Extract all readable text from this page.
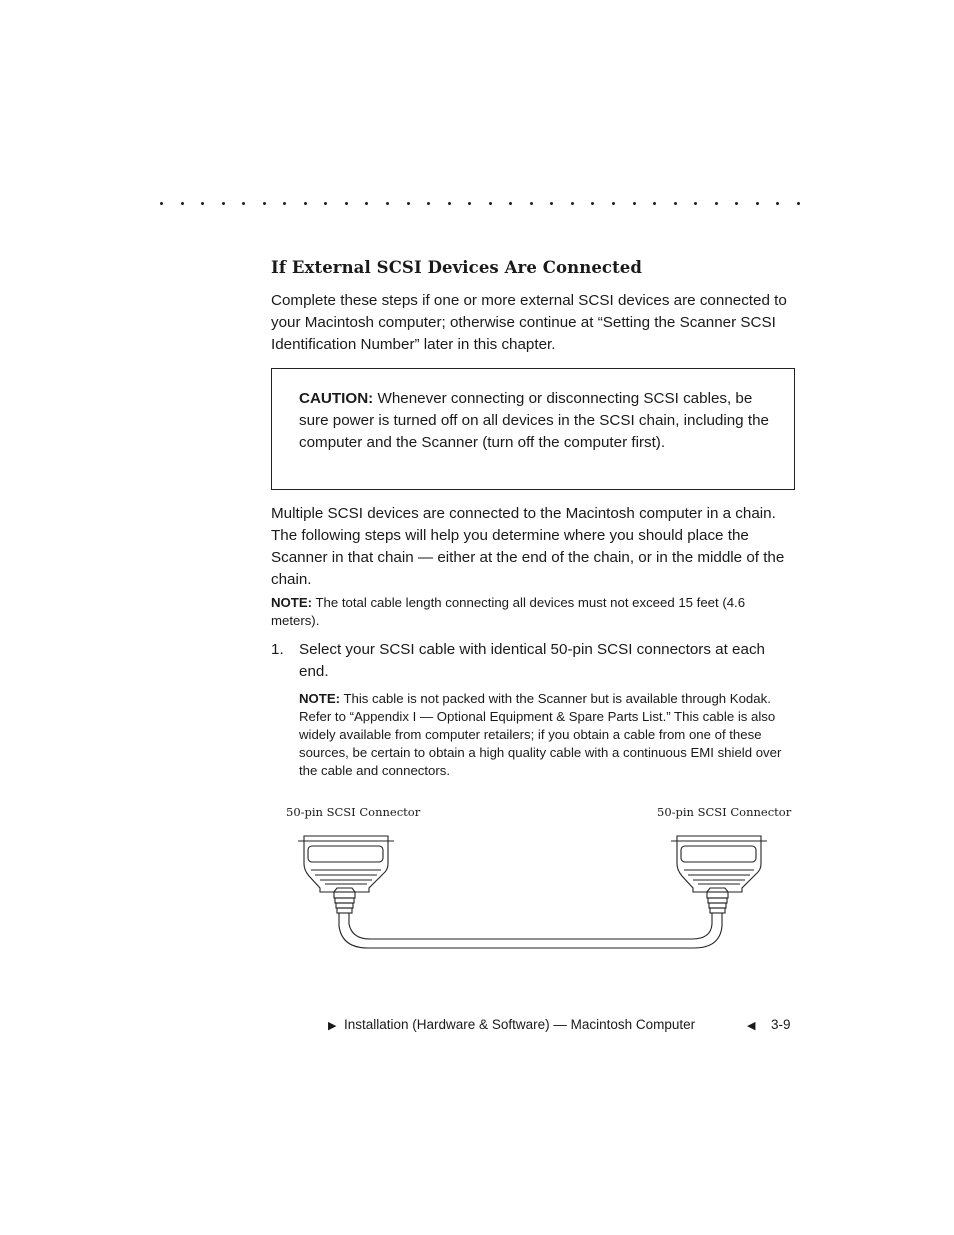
If External SCSI Devices Are Connected
Complete these steps if one or more external SCSI devices are connected to your Macintosh computer; otherwise continue at “Setting the Scanner SCSI Identification Number” later in this chapter.
CAUTION: Whenever connecting or disconnecting SCSI cables, be sure power is turned off on all devices in the SCSI chain, including the computer and the Scanner (turn off the computer first).
Multiple SCSI devices are connected to the Macintosh computer in a chain. The following steps will help you determine where you should place the Scanner in that chain — either at the end of the chain, or in the middle of the chain.
NOTE: The total cable length connecting all devices must not exceed 15 feet (4.6 meters).
1. Select your SCSI cable with identical 50-pin SCSI connectors at each end.
NOTE: This cable is not packed with the Scanner but is available through Kodak. Refer to “Appendix I — Optional Equipment & Spare Parts List.” This cable is also widely available from computer retailers; if you obtain a cable from one of these sources, be certain to obtain a high quality cable with a continuous EMI shield over the cable and connectors.
50-pin SCSI Connector	50-pin SCSI Connector
▶ Installation (Hardware & Software) — Macintosh Computer	◀ 3-9
